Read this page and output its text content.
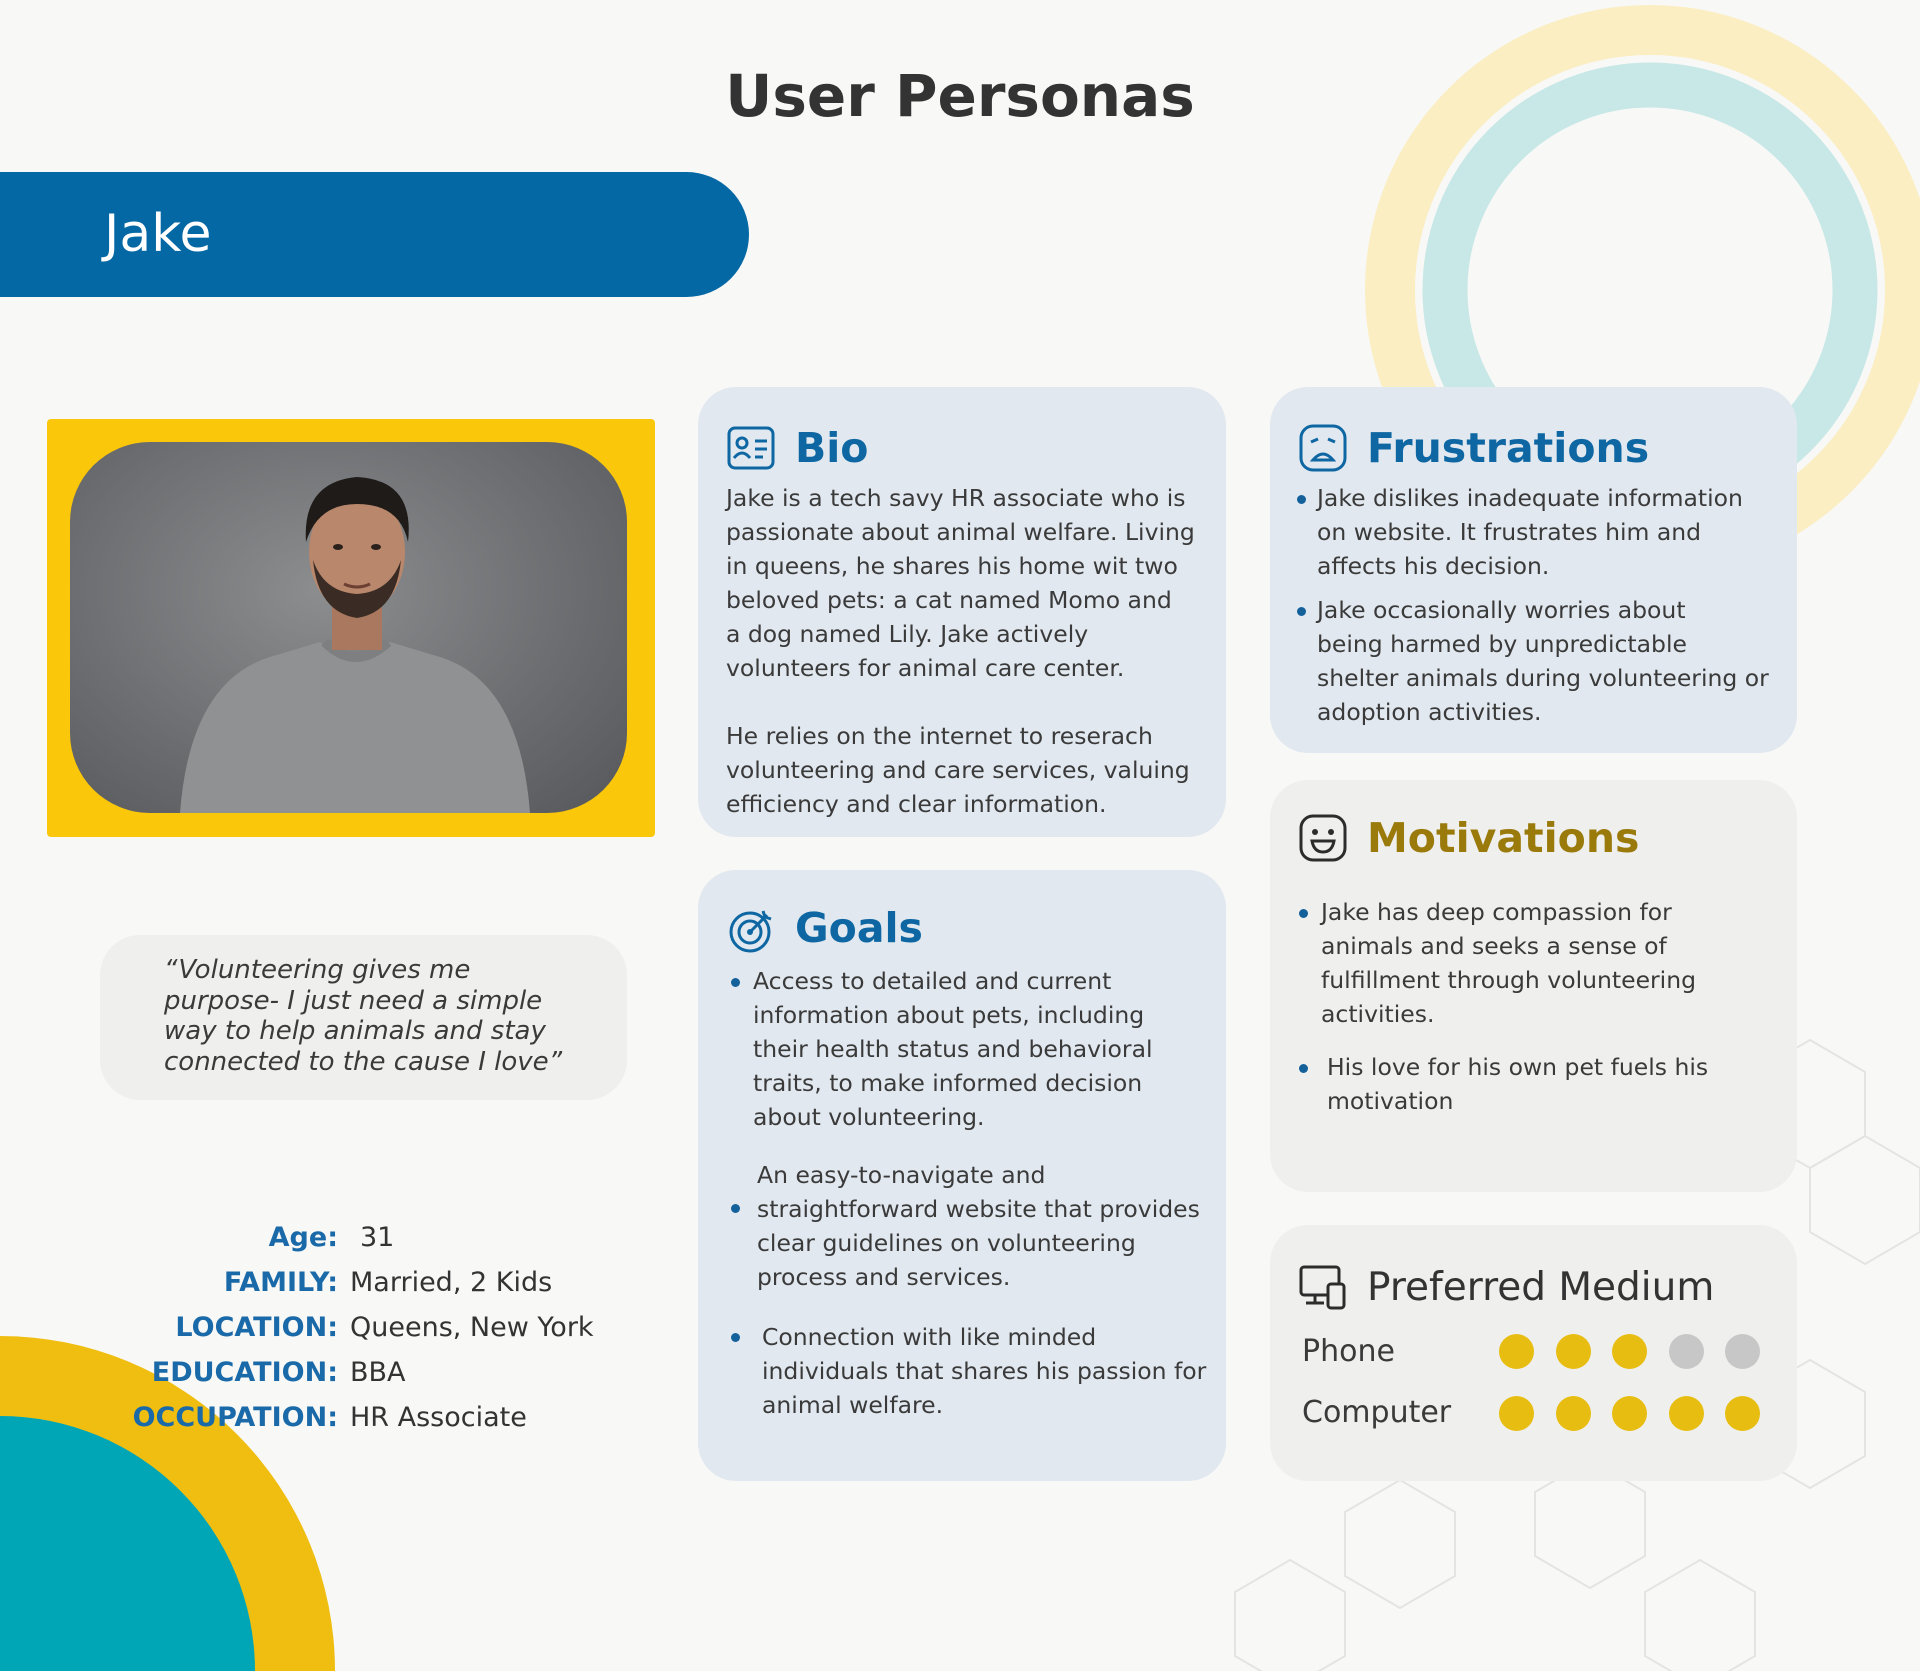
User Personas
Jake
“Volunteering gives me
purpose- I just need a simple
way to help animals and stay
connected to the cause I love”
Age: 31
FAMILY: Married, 2 Kids
LOCATION: Queens, New York
EDUCATION: BBA
OCCUPATION: HR Associate
Bio

Jake is a tech savy HR associate who is

passionate about animal welfare. Living

in queens, he shares his home wit two

beloved pets: a cat named Momo and

a dog named Lily. Jake actively

volunteers for animal care center.

He relies on the internet to reserach

volunteering and care services, valuing

efficiency and clear information.

Goals

Access to detailed and current

information about pets, including

their health status and behavioral

traits, to make informed decision

about volunteering.

An easy-to-navigate and

straightforward website that provides

clear guidelines on volunteering

process and services.

Connection with like minded

individuals that shares his passion for

animal welfare.

Frustrations

Jake dislikes inadequate information

on website. It frustrates him and

affects his decision.

Jake occasionally worries about

being harmed by unpredictable

shelter animals during volunteering or

adoption activities.

Motivations

Jake has deep compassion for

animals and seeks a sense of

fulfillment through volunteering

activities.

His love for his own pet fuels his

motivation

Preferred Medium
Phone
Computer
